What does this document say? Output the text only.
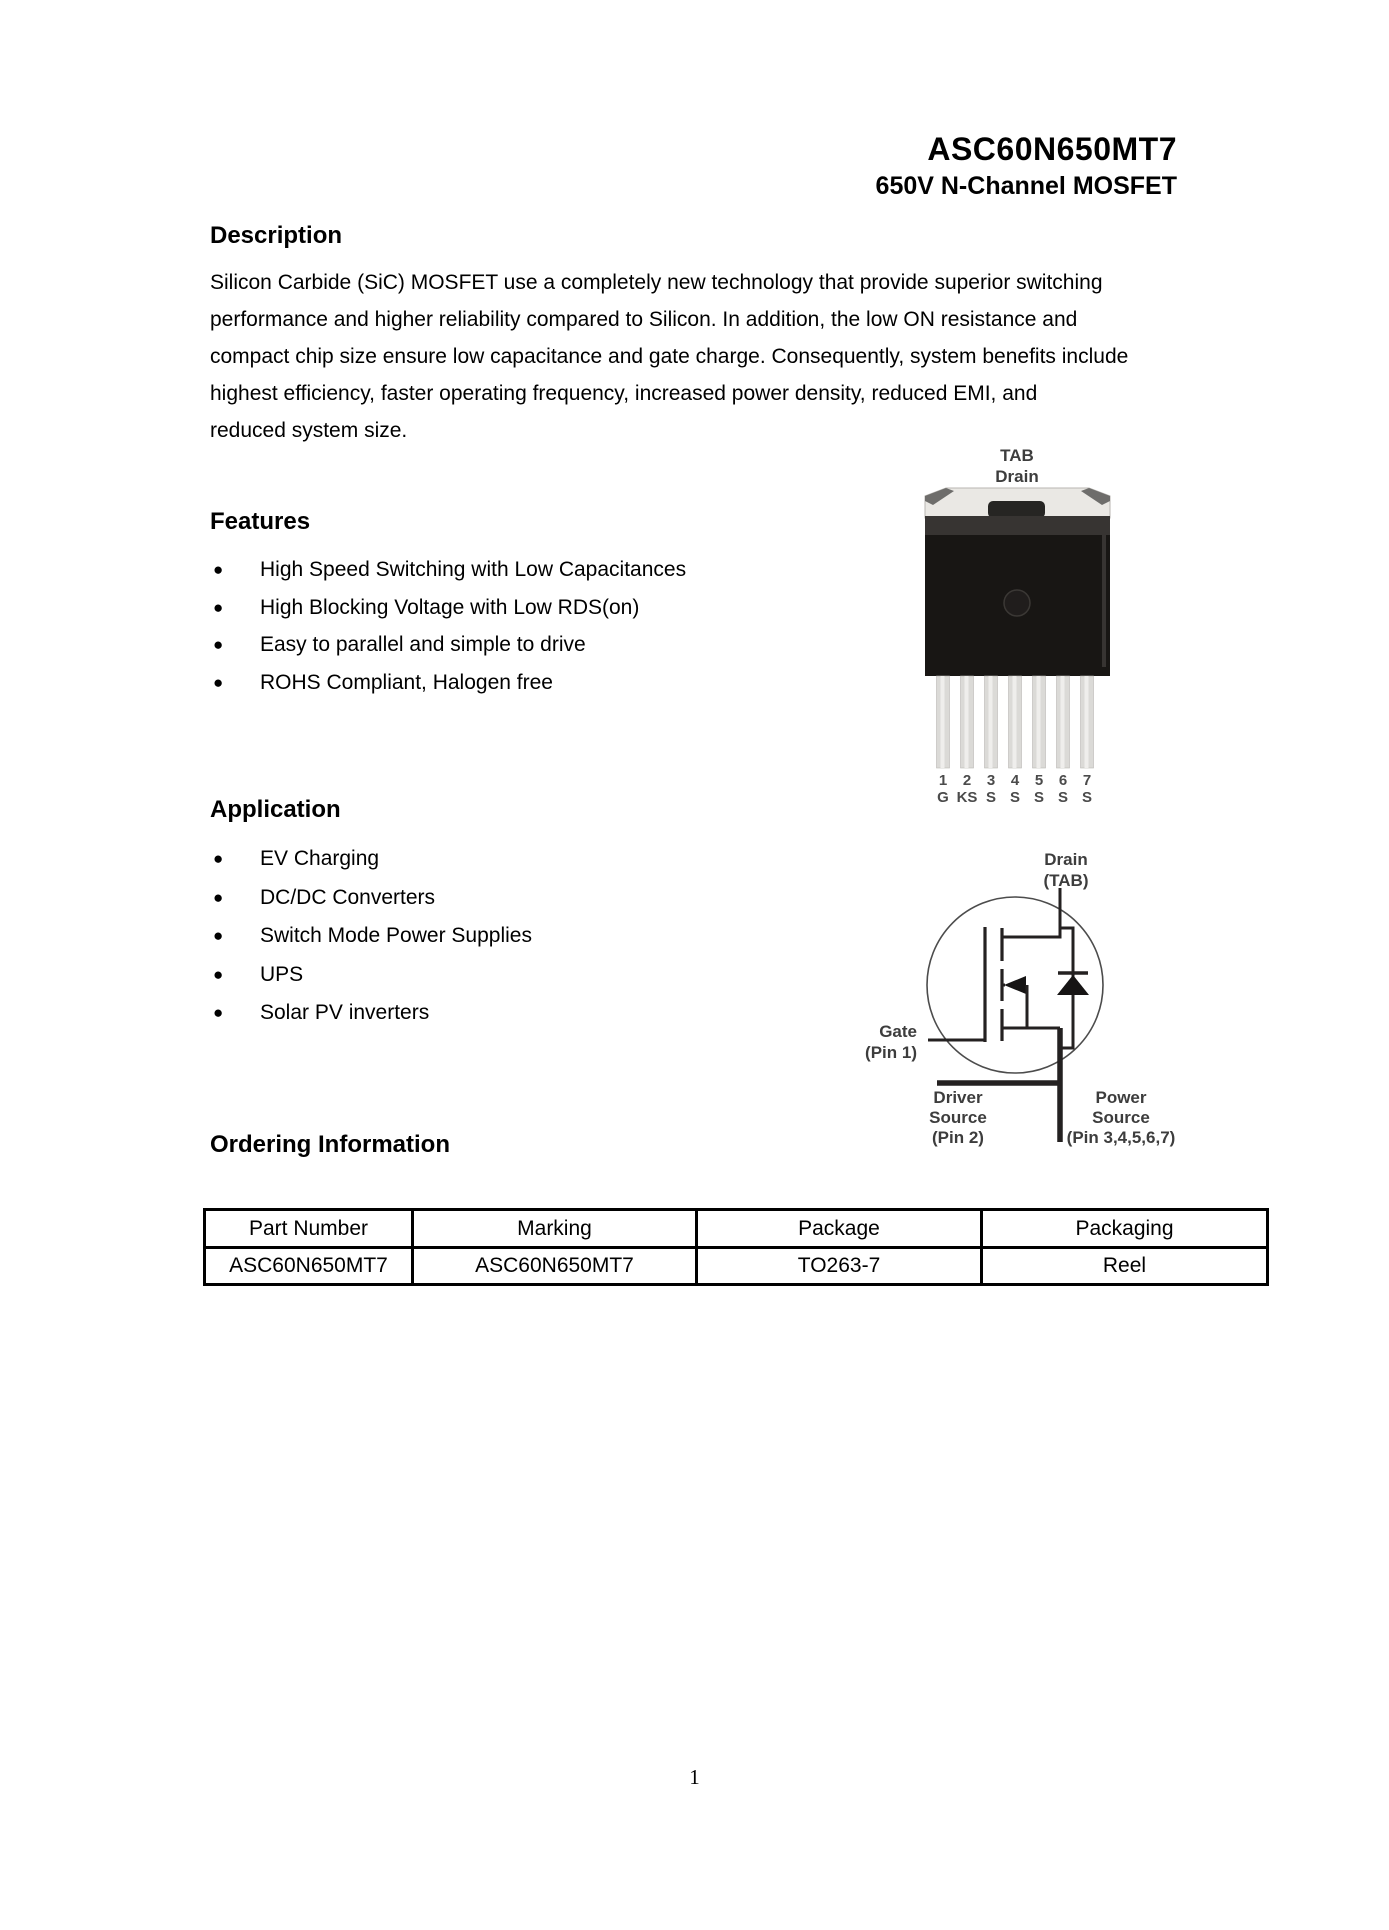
ASC60N650MT7
650V N-Channel MOSFET
Description
Silicon Carbide (SiC) MOSFET use a completely new technology that provide superior switching
performance and higher reliability compared to Silicon. In addition, the low ON resistance and
compact chip size ensure low capacitance and gate charge. Consequently, system benefits include
highest efficiency, faster operating frequency, increased power density, reduced EMI, and
reduced system size.
Features
● High Speed Switching with Low Capacitances
● High Blocking Voltage with Low RDS(on)
● Easy to parallel and simple to drive
● ROHS Compliant, Halogen free
Application
● EV Charging
● DC/DC Converters
● Switch Mode Power Supplies
● UPS
● Solar PV inverters
TAB
Drain
1 2 3 4 5 6 7
G KS S S S S S
Drain
(TAB)
Gate
(Pin 1)
Driver
Source
(Pin 2)
Power
Source
(Pin 3,4,5,6,7)
Ordering Information
Part Number	Marking	Package	Packaging
ASC60N650MT7	ASC60N650MT7	TO263-7	Reel
1
